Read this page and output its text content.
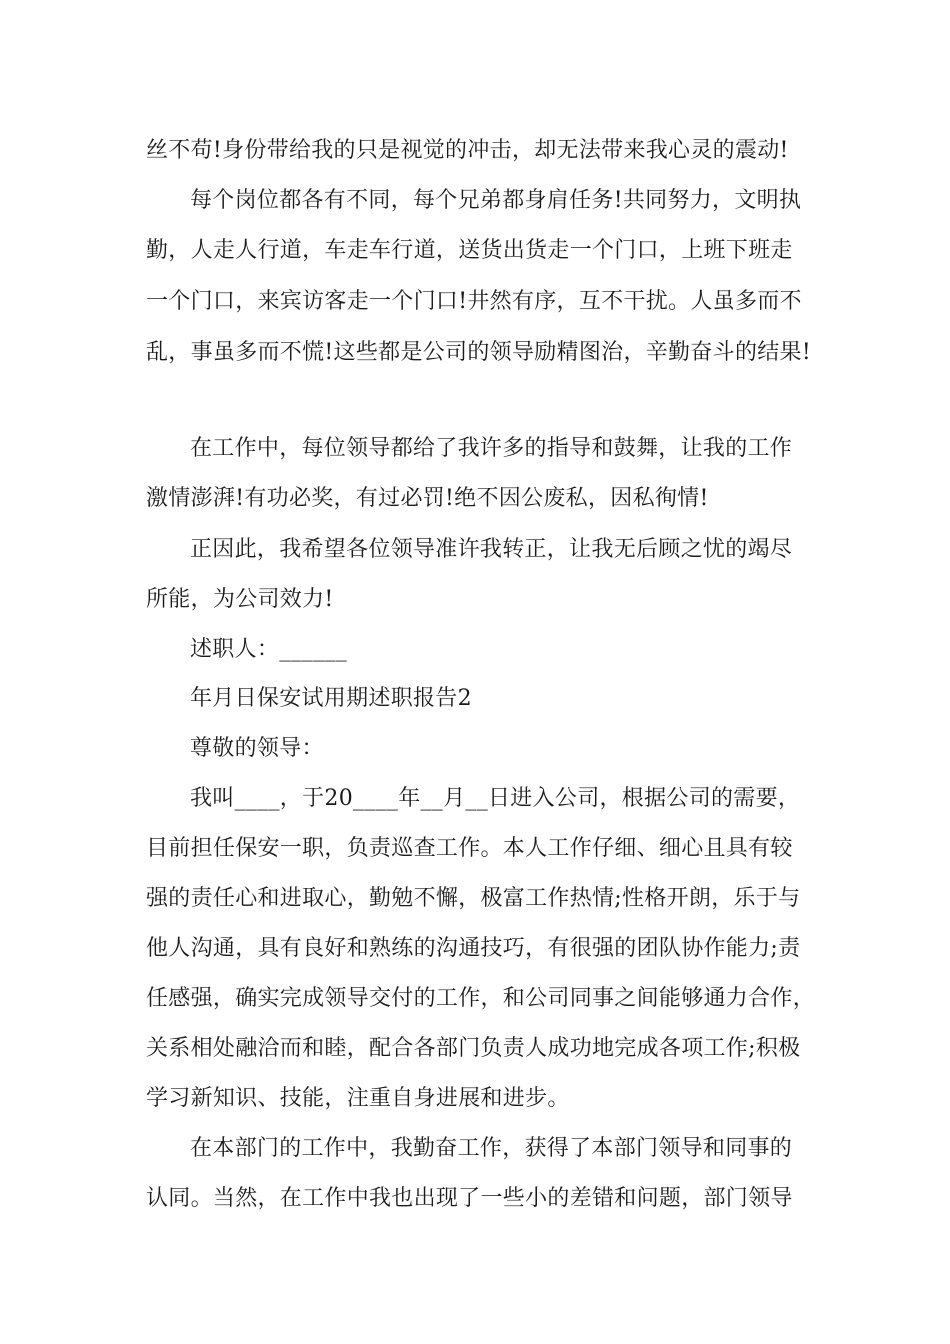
丝不苟!身份带给我的只是视觉的冲击，却无法带来我心灵的震动!
每个岗位都各有不同，每个兄弟都身肩任务!共同努力，文明执
勤，人走人行道，车走车行道，送货出货走一个门口，上班下班走
一个门口，来宾访客走一个门口!井然有序，互不干扰。人虽多而不
乱，事虽多而不慌!这些都是公司的领导励精图治，辛勤奋斗的结果!
在工作中，每位领导都给了我许多的指导和鼓舞，让我的工作
激情澎湃!有功必奖，有过必罚!绝不因公废私，因私徇情!
正因此，我希望各位领导准许我转正，让我无后顾之忧的竭尽
所能，为公司效力!
述职人：______
年月日保安试用期述职报告2
尊敬的领导：
我叫____，于20____年__月__日进入公司，根据公司的需要，
目前担任保安一职，负责巡查工作。本人工作仔细、细心且具有较
强的责任心和进取心，勤勉不懈，极富工作热情;性格开朗，乐于与
他人沟通，具有良好和熟练的沟通技巧，有很强的团队协作能力;责
任感强，确实完成领导交付的工作，和公司同事之间能够通力合作，
关系相处融洽而和睦，配合各部门负责人成功地完成各项工作;积极
学习新知识、技能，注重自身进展和进步。
在本部门的工作中，我勤奋工作，获得了本部门领导和同事的
认同。当然，在工作中我也出现了一些小的差错和问题，部门领导
